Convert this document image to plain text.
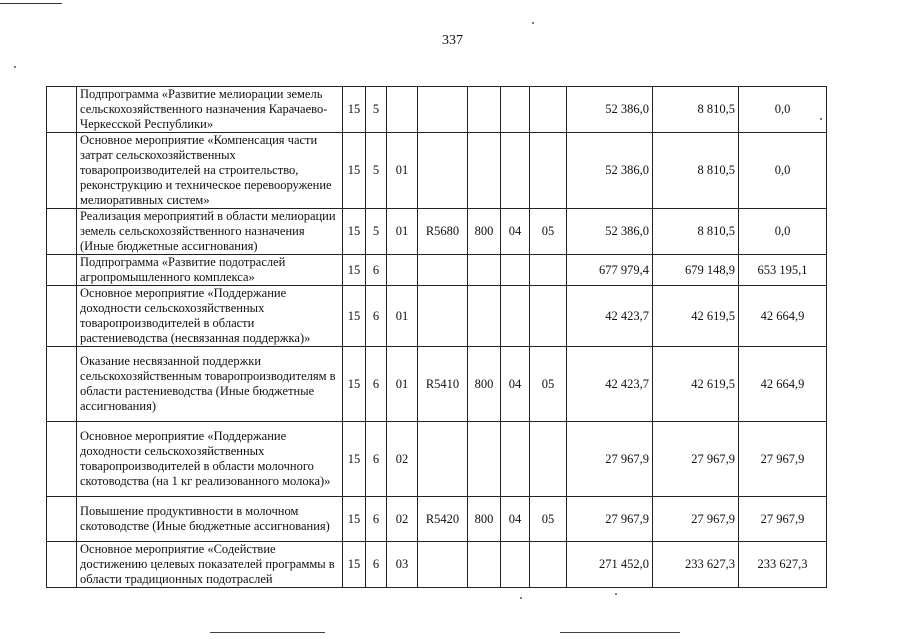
337
	Подпрограмма «Развитие мелиорации земель сельскохозяйственного назначения Карачаево-Черкесской Республики»	15	5						52 386,0	8 810,5	0,0
	Основное мероприятие «Компенсация части затрат сельскохозяйственных товаропроизводителей на строительство, реконструкцию и техническое перевооружение мелиоративных систем»	15	5	01					52 386,0	8 810,5	0,0
	Реализация мероприятий в области мелиорации земель сельскохозяйственного назначения (Иные бюджетные ассигнования)	15	5	01	R5680	800	04	05	52 386,0	8 810,5	0,0
	Подпрограмма «Развитие подотраслей агропромышленного комплекса»	15	6						677 979,4	679 148,9	653 195,1
	Основное мероприятие «Поддержание доходности сельскохозяйственных товаропроизводителей в области растениеводства (несвязанная поддержка)»	15	6	01					42 423,7	42 619,5	42 664,9
	Оказание несвязанной поддержки сельскохозяйственным товаропроизводителям в области растениеводства (Иные бюджетные ассигнования)	15	6	01	R5410	800	04	05	42 423,7	42 619,5	42 664,9
	Основное мероприятие «Поддержание доходности сельскохозяйственных товаропроизводителей в области молочного скотоводства (на 1 кг реализованного молока)»	15	6	02					27 967,9	27 967,9	27 967,9
	Повышение продуктивности в молочном скотоводстве (Иные бюджетные ассигнования)	15	6	02	R5420	800	04	05	27 967,9	27 967,9	27 967,9
	Основное мероприятие «Содействие достижению целевых показателей программы в области традиционных подотраслей	15	6	03					271 452,0	233 627,3	233 627,3
